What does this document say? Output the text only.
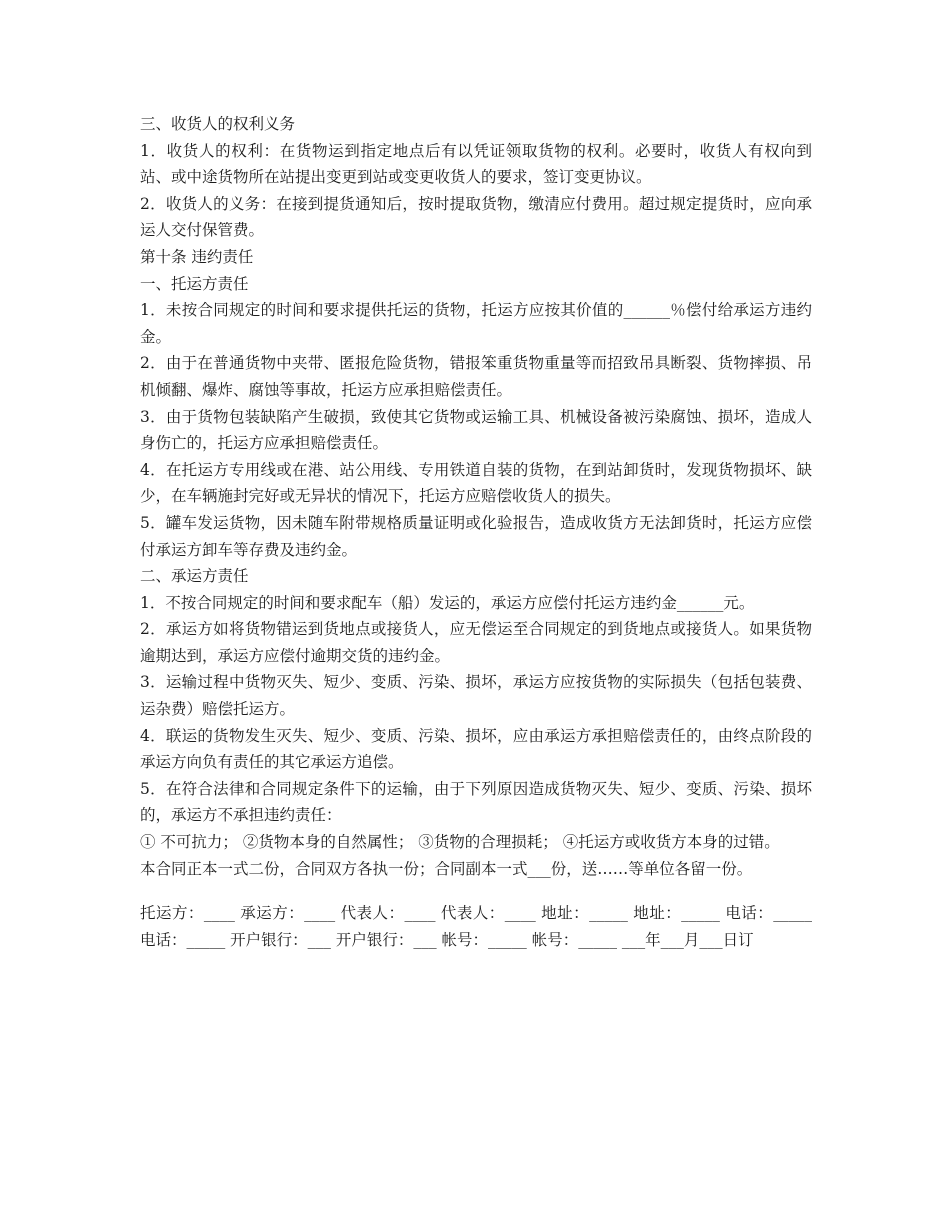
三、收货人的权利义务

1．收货人的权利：在货物运到指定地点后有以凭证领取货物的权利。必要时，收货人有权向到站、或中途货物所在站提出变更到站或变更收货人的要求，签订变更协议。

2．收货人的义务：在接到提货通知后，按时提取货物，缴清应付费用。超过规定提货时，应向承运人交付保管费。

第十条 违约责任

一、托运方责任

1．未按合同规定的时间和要求提供托运的货物，托运方应按其价值的______％偿付给承运方违约金。

2．由于在普通货物中夹带、匿报危险货物，错报笨重货物重量等而招致吊具断裂、货物摔损、吊机倾翻、爆炸、腐蚀等事故，托运方应承担赔偿责任。

3．由于货物包装缺陷产生破损，致使其它货物或运输工具、机械设备被污染腐蚀、损坏，造成人身伤亡的，托运方应承担赔偿责任。

4．在托运方专用线或在港、站公用线、专用铁道自装的货物，在到站卸货时，发现货物损坏、缺少，在车辆施封完好或无异状的情况下，托运方应赔偿收货人的损失。

5．罐车发运货物，因未随车附带规格质量证明或化验报告，造成收货方无法卸货时，托运方应偿付承运方卸车等存费及违约金。

二、承运方责任

1．不按合同规定的时间和要求配车（船）发运的，承运方应偿付托运方违约金______元。

2．承运方如将货物错运到货地点或接货人，应无偿运至合同规定的到货地点或接货人。如果货物逾期达到，承运方应偿付逾期交货的违约金。

3．运输过程中货物灭失、短少、变质、污染、损坏，承运方应按货物的实际损失（包括包装费、运杂费）赔偿托运方。

4．联运的货物发生灭失、短少、变质、污染、损坏，应由承运方承担赔偿责任的，由终点阶段的承运方向负有责任的其它承运方追偿。

5．在符合法律和合同规定条件下的运输，由于下列原因造成货物灭失、短少、变质、污染、损坏的，承运方不承担违约责任：

① 不可抗力； ②货物本身的自然属性； ③货物的合理损耗； ④托运方或收货方本身的过错。

本合同正本一式二份，合同双方各执一份；合同副本一式___份，送……等单位各留一份。

托运方：____ 承运方：____ 代表人：____ 代表人：____ 地址：_____ 地址：_____ 电话：_____ 电话：_____ 开户银行：___ 开户银行：___ 帐号：_____ 帐号：_____ ___年___月___日订
